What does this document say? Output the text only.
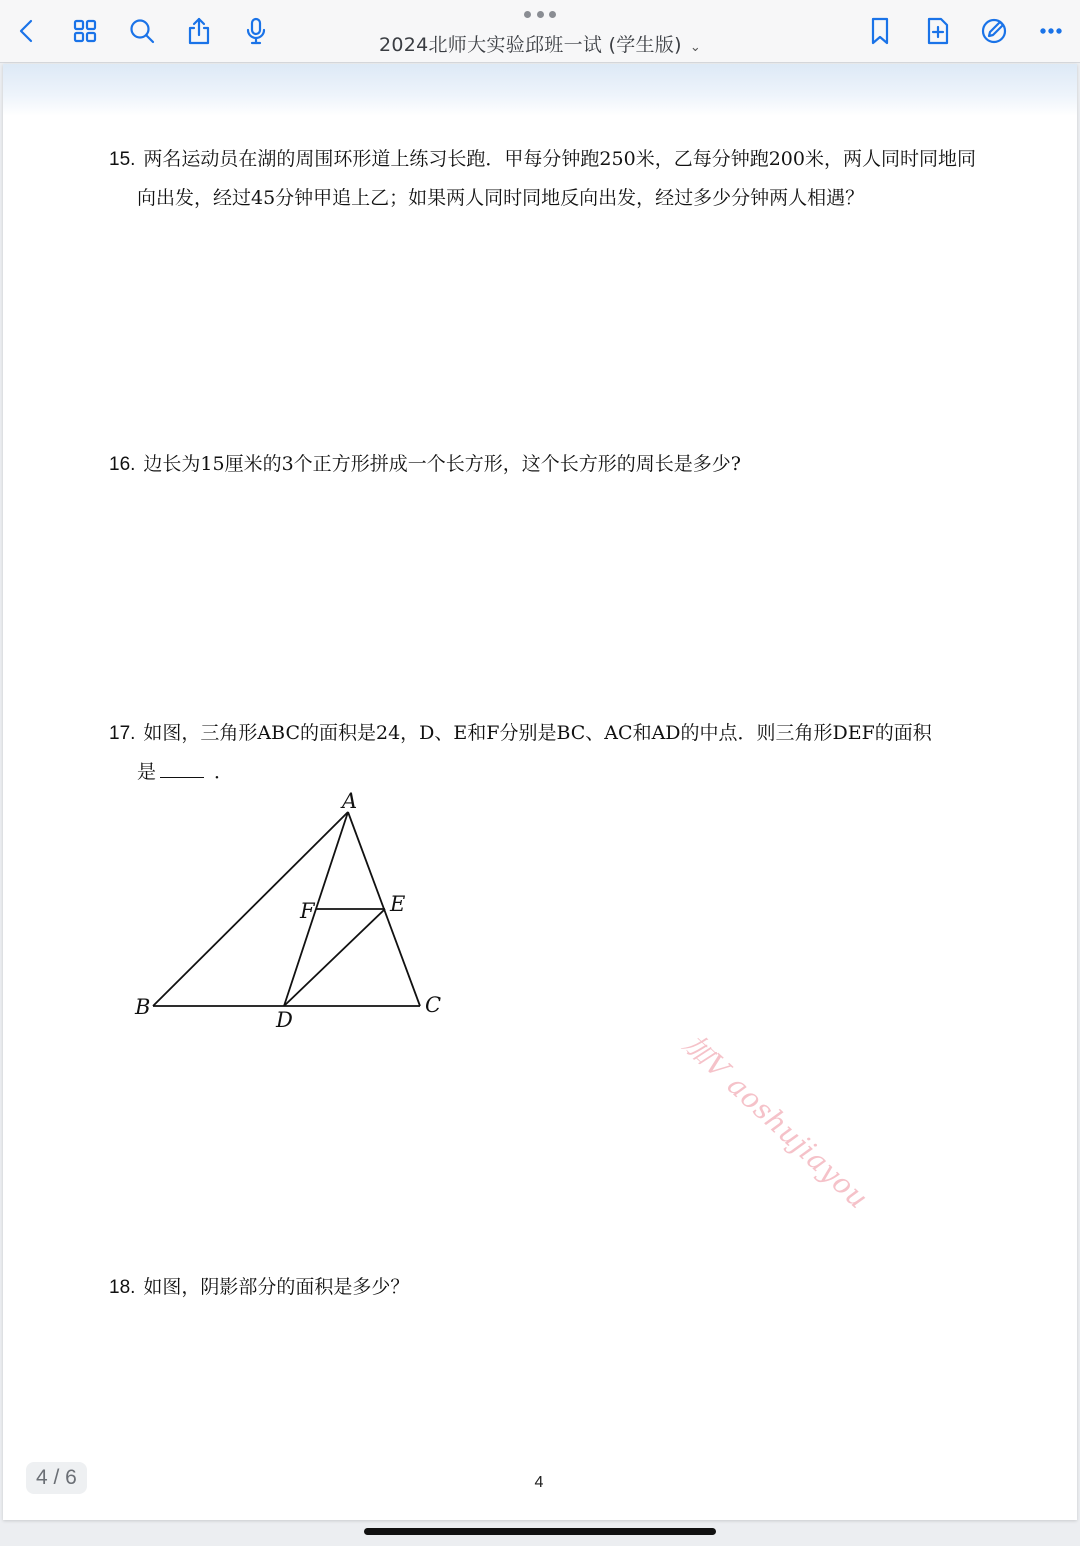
2024北师大实验邱班一试 (学生版) ⌄
15. 两名运动员在湖的周围环形道上练习长跑．甲每分钟跑250米，乙每分钟跑200米，两人同时同地同
向出发，经过45分钟甲追上乙；如果两人同时同地反向出发，经过多少分钟两人相遇？
16. 边长为15厘米的3个正方形拼成一个长方形，这个长方形的周长是多少?
17. 如图，三角形ABC的面积是24，D、E和F分别是BC、AC和AD的中点．则三角形DEF的面积
是	．
A
B	C
D
E
F
加V aoshujiayou
18. 如图，阴影部分的面积是多少？
4
4 / 6
